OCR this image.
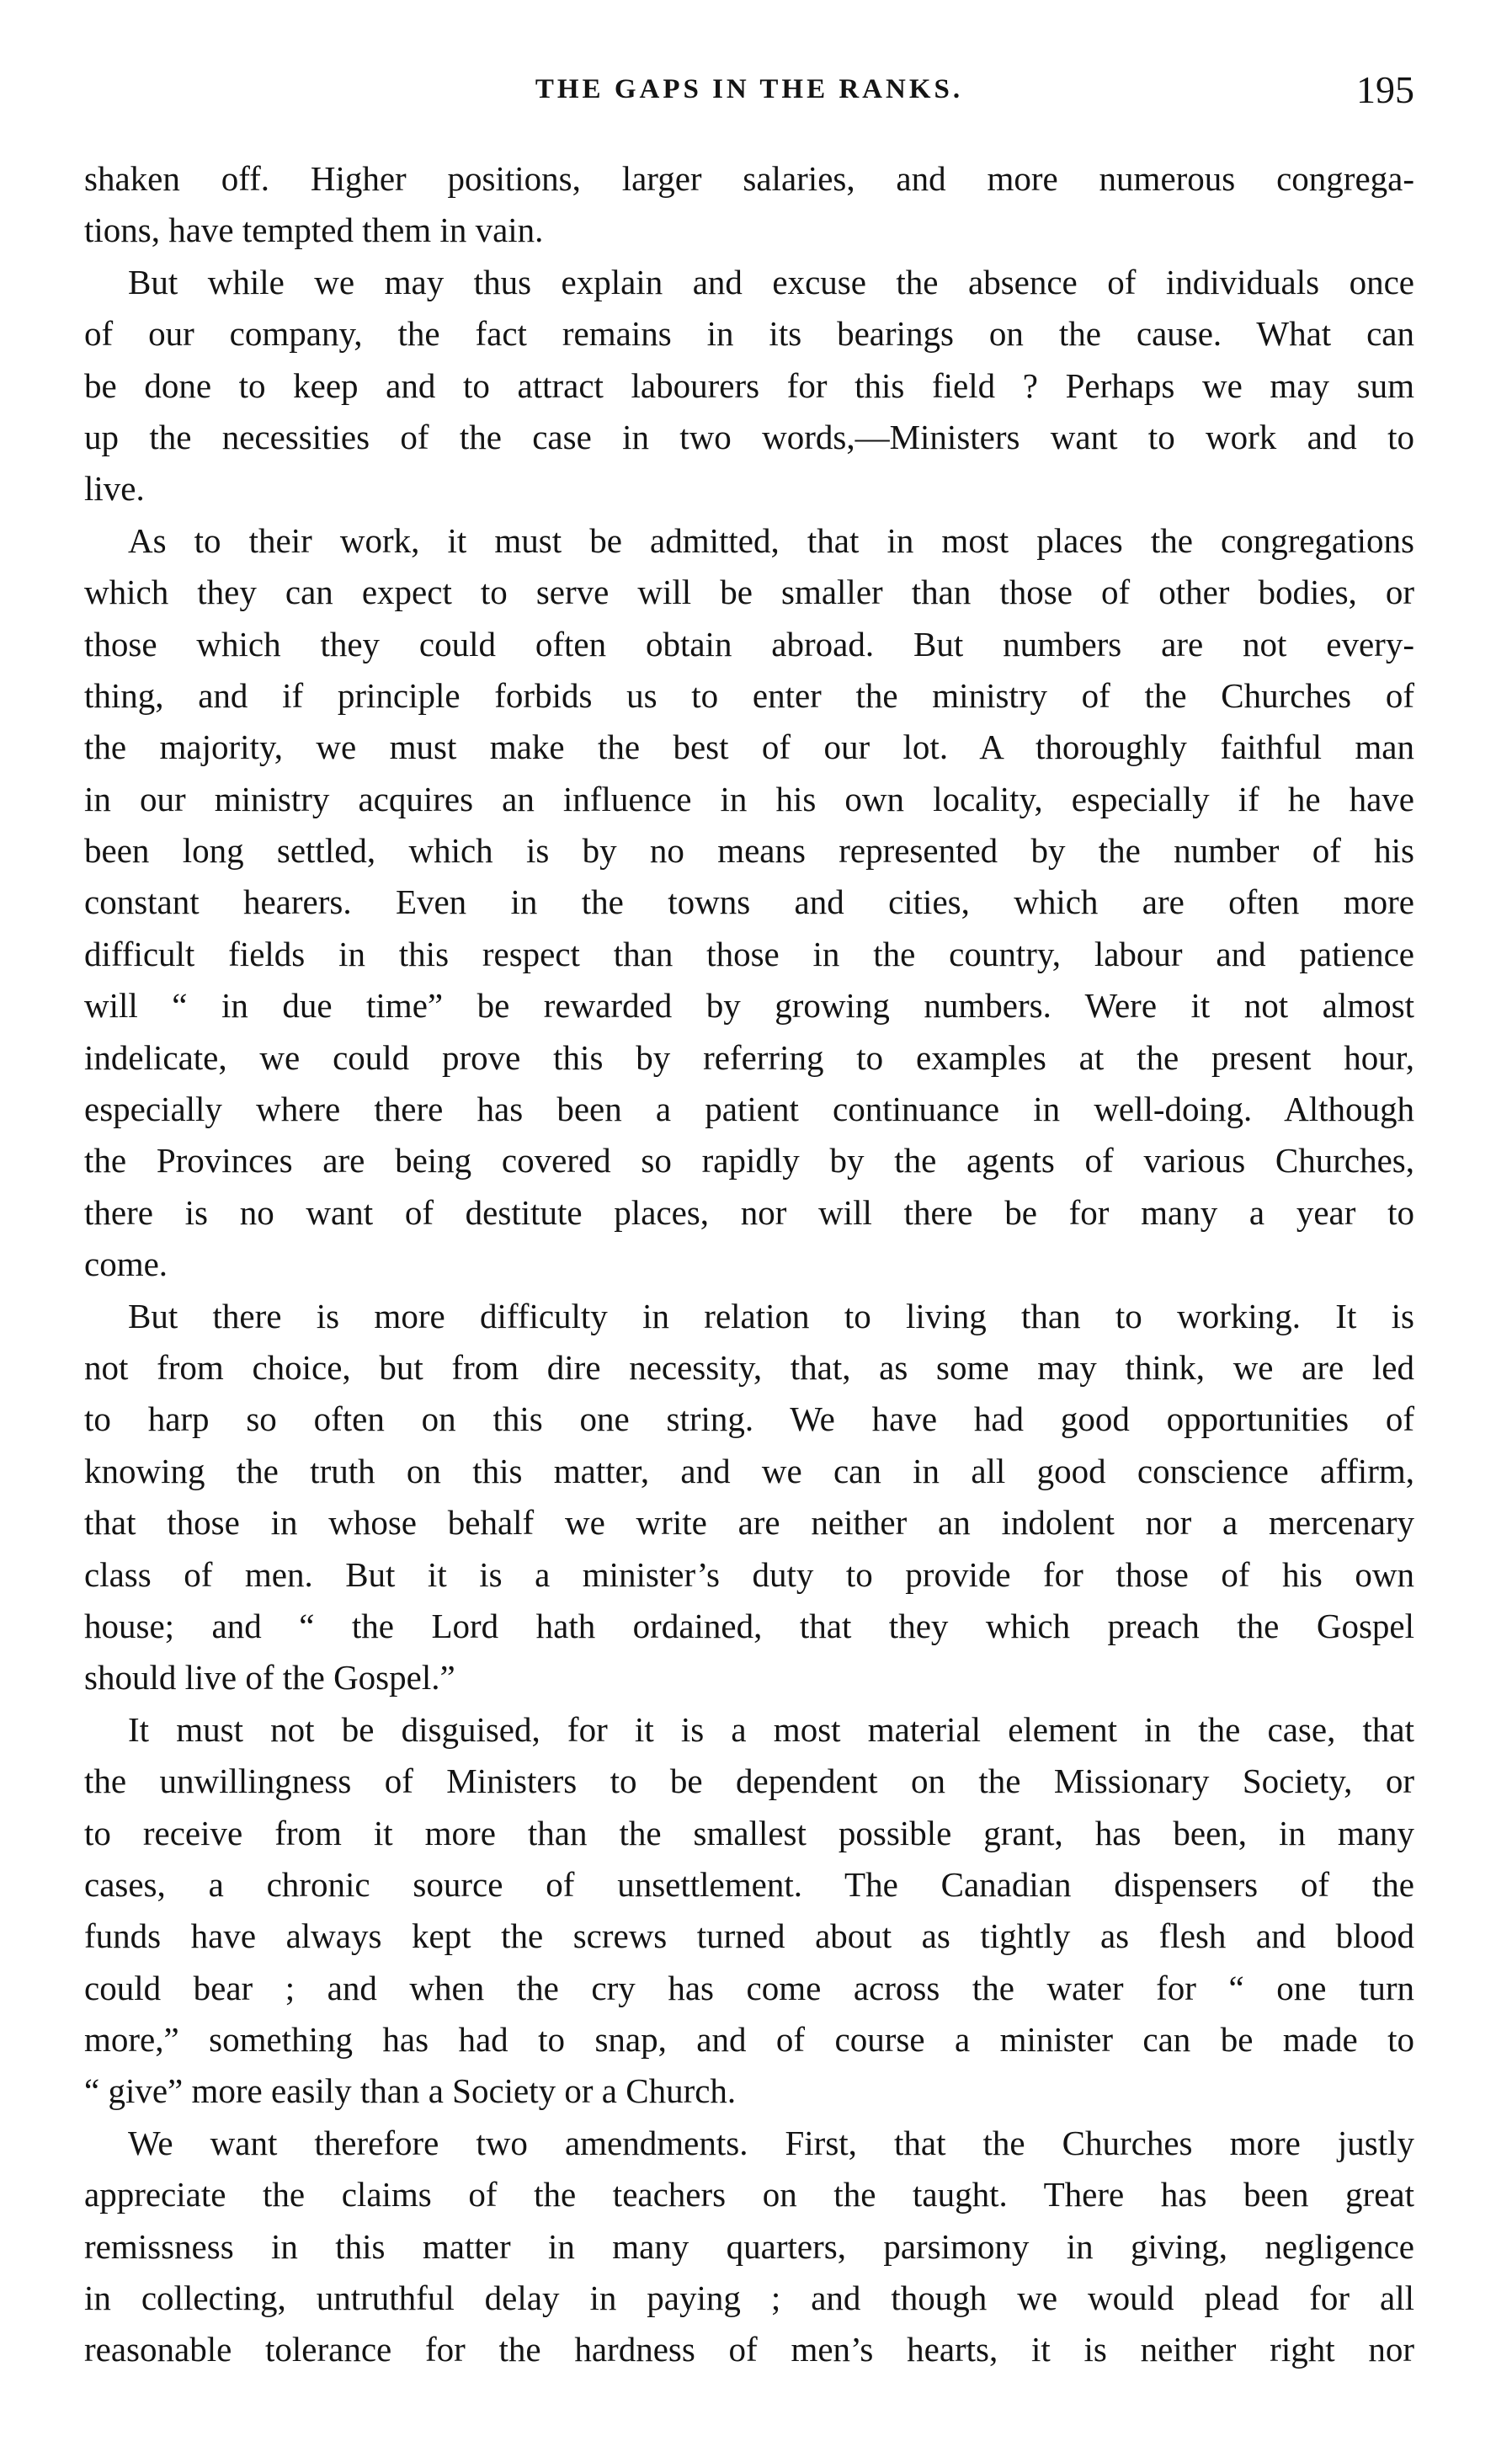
THE GAPS IN THE RANKS.	195
shaken off. Higher positions, larger salaries, and more numerous congrega-
tions, have tempted them in vain.
But while we may thus explain and excuse the absence of individuals once
of our company, the fact remains in its bearings on the cause. What can
be done to keep and to attract labourers for this field ? Perhaps we may sum
up the necessities of the case in two words,—Ministers want to work and to
live.
As to their work, it must be admitted, that in most places the congregations
which they can expect to serve will be smaller than those of other bodies, or
those which they could often obtain abroad. But numbers are not every-
thing, and if principle forbids us to enter the ministry of the Churches of
the majority, we must make the best of our lot. A thoroughly faithful man
in our ministry acquires an influence in his own locality, especially if he have
been long settled, which is by no means represented by the number of his
constant hearers. Even in the towns and cities, which are often more
difficult fields in this respect than those in the country, labour and patience
will “ in due time” be rewarded by growing numbers. Were it not almost
indelicate, we could prove this by referring to examples at the present hour,
especially where there has been a patient continuance in well-doing. Although
the Provinces are being covered so rapidly by the agents of various Churches,
there is no want of destitute places, nor will there be for many a year to
come.
But there is more difficulty in relation to living than to working. It is
not from choice, but from dire necessity, that, as some may think, we are led
to harp so often on this one string. We have had good opportunities of
knowing the truth on this matter, and we can in all good conscience affirm,
that those in whose behalf we write are neither an indolent nor a mercenary
class of men. But it is a minister’s duty to provide for those of his own
house; and “ the Lord hath ordained, that they which preach the Gospel
should live of the Gospel.”
It must not be disguised, for it is a most material element in the case, that
the unwillingness of Ministers to be dependent on the Missionary Society, or
to receive from it more than the smallest possible grant, has been, in many
cases, a chronic source of unsettlement. The Canadian dispensers of the
funds have always kept the screws turned about as tightly as flesh and blood
could bear ; and when the cry has come across the water for “ one turn
more,” something has had to snap, and of course a minister can be made to
“ give” more easily than a Society or a Church.
We want therefore two amendments. First, that the Churches more justly
appreciate the claims of the teachers on the taught. There has been great
remissness in this matter in many quarters, parsimony in giving, negligence
in collecting, untruthful delay in paying ; and though we would plead for all
reasonable tolerance for the hardness of men’s hearts, it is neither right nor
